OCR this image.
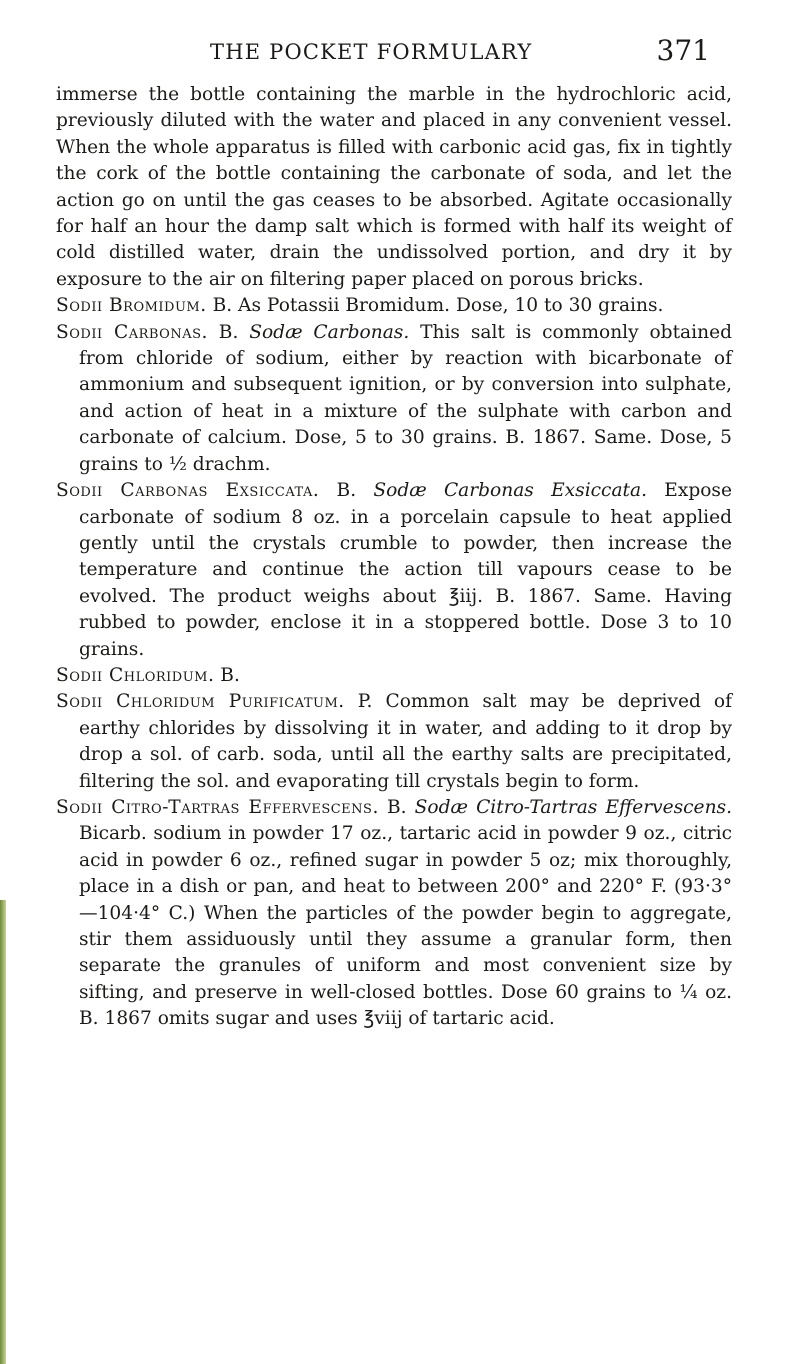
THE POCKET FORMULARY	371

immerse the bottle containing the marble in the hydrochloric acid, previously diluted with the water and placed in any convenient vessel. When the whole apparatus is filled with carbonic acid gas, fix in tightly the cork of the bottle containing the carbonate of soda, and let the action go on until the gas ceases to be absorbed. Agitate occasionally for half an hour the damp salt which is formed with half its weight of cold distilled water, drain the undissolved portion, and dry it by exposure to the air on filtering paper placed on porous bricks.

Sodii Bromidum. B. As Potassii Bromidum. Dose, 10 to 30 grains.

Sodii Carbonas. B. Sodæ Carbonas. This salt is commonly obtained from chloride of sodium, either by reaction with bicarbonate of ammonium and subsequent ignition, or by conversion into sulphate, and action of heat in a mixture of the sulphate with carbon and carbonate of calcium. Dose, 5 to 30 grains. B. 1867. Same. Dose, 5 grains to ½ drachm.

Sodii Carbonas Exsiccata. B. Sodæ Carbonas Exsiccata. Expose carbonate of sodium 8 oz. in a porcelain capsule to heat applied gently until the crystals crumble to powder, then increase the temperature and continue the action till vapours cease to be evolved. The product weighs about ℥iij. B. 1867. Same. Having rubbed to powder, enclose it in a stoppered bottle. Dose 3 to 10 grains.

Sodii Chloridum. B.

Sodii Chloridum Purificatum. P. Common salt may be deprived of earthy chlorides by dissolving it in water, and adding to it drop by drop a sol. of carb. soda, until all the earthy salts are precipitated, filtering the sol. and evaporating till crystals begin to form.

Sodii Citro-Tartras Effervescens. B. Sodæ Citro-Tartras Effervescens. Bicarb. sodium in powder 17 oz., tartaric acid in powder 9 oz., citric acid in powder 6 oz., refined sugar in powder 5 oz; mix thoroughly, place in a dish or pan, and heat to between 200° and 220° F. (93·3°—104·4° C.) When the particles of the powder begin to aggregate, stir them assiduously until they assume a granular form, then separate the granules of uniform and most convenient size by sifting, and preserve in well-closed bottles. Dose 60 grains to ¼ oz. B. 1867 omits sugar and uses ℥viij of tartaric acid.
